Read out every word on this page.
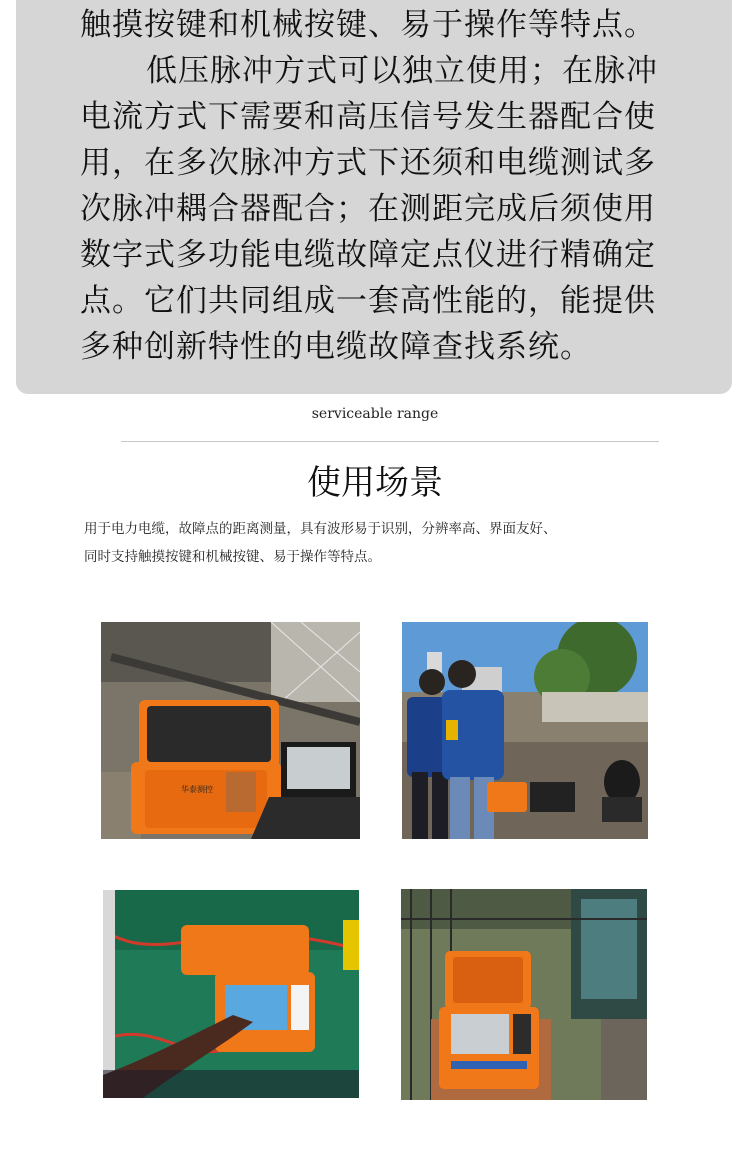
触摸按键和机械按键、易于操作等特点。
低压脉冲方式可以独立使用；在脉冲
电流方式下需要和高压信号发生器配合使
用，在多次脉冲方式下还须和电缆测试多
次脉冲耦合器配合；在测距完成后须使用
数字式多功能电缆故障定点仪进行精确定
点。它们共同组成一套高性能的，能提供
多种创新特性的电缆故障查找系统。
serviceable range
使用场景
用于电力电缆，故障点的距离测量，具有波形易于识别，分辨率高、界面友好、
同时支持触摸按键和机械按键、易于操作等特点。
华泰测控
